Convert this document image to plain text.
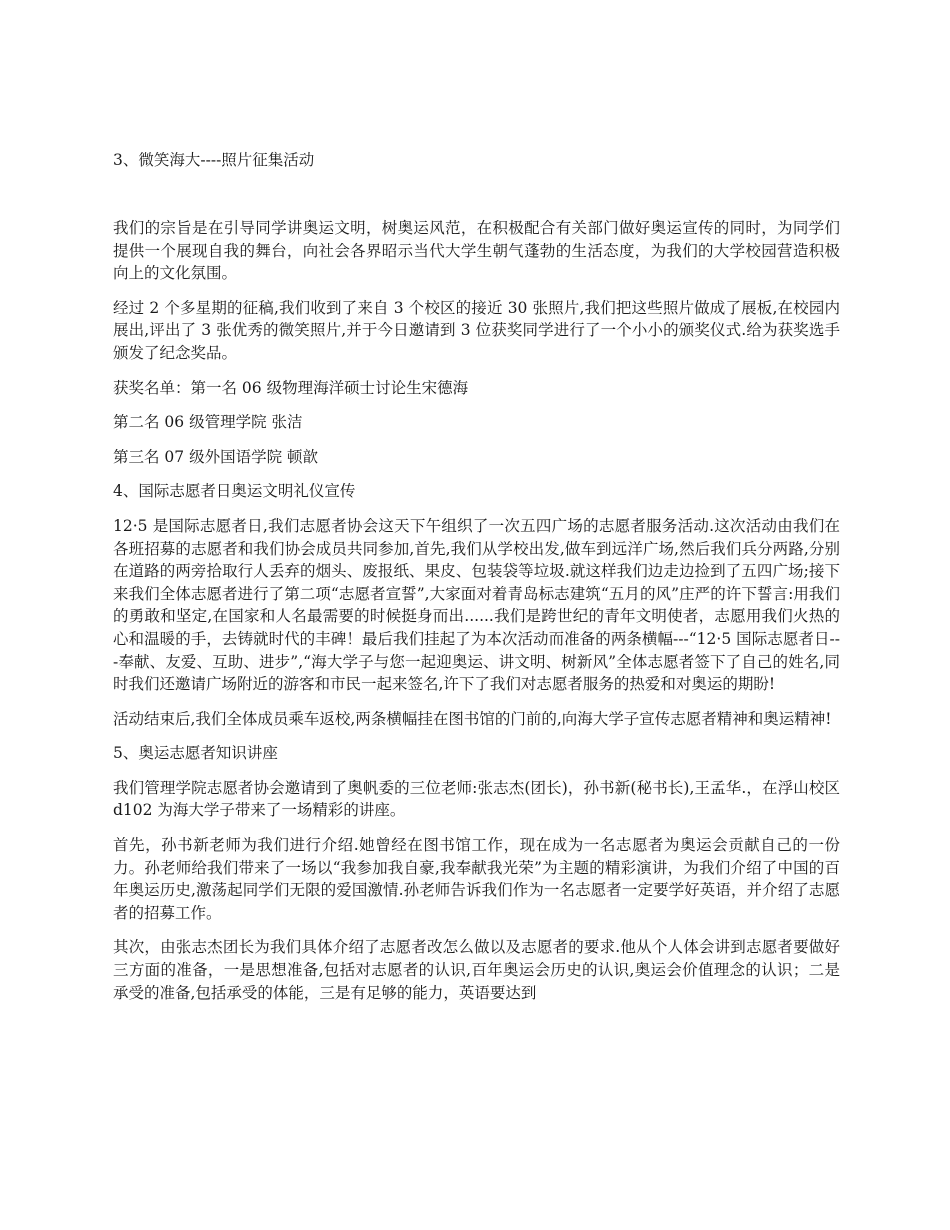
3、微笑海大----照片征集活动

我们的宗旨是在引导同学讲奥运文明，树奥运风范，在积极配合有关部门做好奥运宣传的同时，为同学们提供一个展现自我的舞台，向社会各界昭示当代大学生朝气蓬勃的生活态度，为我们的大学校园营造积极向上的文化氛围。

经过 2 个多星期的征稿,我们收到了来自 3 个校区的接近 30 张照片,我们把这些照片做成了展板,在校园内展出,评出了 3 张优秀的微笑照片,并于今日邀请到 3 位获奖同学进行了一个小小的颁奖仪式.给为获奖选手颁发了纪念奖品。

获奖名单：第一名 06 级物理海洋硕士讨论生宋德海

第二名 06 级管理学院 张洁

第三名 07 级外国语学院 顿歆

4、国际志愿者日奥运文明礼仪宣传

12·5 是国际志愿者日,我们志愿者协会这天下午组织了一次五四广场的志愿者服务活动.这次活动由我们在各班招募的志愿者和我们协会成员共同参加,首先,我们从学校出发,做车到远洋广场,然后我们兵分两路,分别在道路的两旁拾取行人丢弃的烟头、废报纸、果皮、包装袋等垃圾.就这样我们边走边捡到了五四广场;接下来我们全体志愿者进行了第二项“志愿者宣誓”,大家面对着青岛标志建筑“五月的风”庄严的许下誓言:用我们的勇敢和坚定,在国家和人名最需要的时候挺身而出......我们是跨世纪的青年文明使者，志愿用我们火热的心和温暖的手，去铸就时代的丰碑！最后我们挂起了为本次活动而准备的两条横幅---“12·5 国际志愿者日---奉献、友爱、互助、进步”,“海大学子与您一起迎奥运、讲文明、树新风”全体志愿者签下了自己的姓名,同时我们还邀请广场附近的游客和市民一起来签名,许下了我们对志愿者服务的热爱和对奥运的期盼!

活动结束后,我们全体成员乘车返校,两条横幅挂在图书馆的门前的,向海大学子宣传志愿者精神和奥运精神!

5、奥运志愿者知识讲座

我们管理学院志愿者协会邀请到了奥帆委的三位老师:张志杰(团长)，孙书新(秘书长),王孟华.，在浮山校区 d102 为海大学子带来了一场精彩的讲座。

首先，孙书新老师为我们进行介绍.她曾经在图书馆工作，现在成为一名志愿者为奥运会贡献自己的一份力。孙老师给我们带来了一场以“我参加我自豪,我奉献我光荣”为主题的精彩演讲，为我们介绍了中国的百年奥运历史,激荡起同学们无限的爱国激情.孙老师告诉我们作为一名志愿者一定要学好英语，并介绍了志愿者的招募工作。

其次，由张志杰团长为我们具体介绍了志愿者改怎么做以及志愿者的要求.他从个人体会讲到志愿者要做好三方面的准备，一是思想准备,包括对志愿者的认识,百年奥运会历史的认识,奥运会价值理念的认识；二是承受的准备,包括承受的体能，三是有足够的能力，英语要达到
